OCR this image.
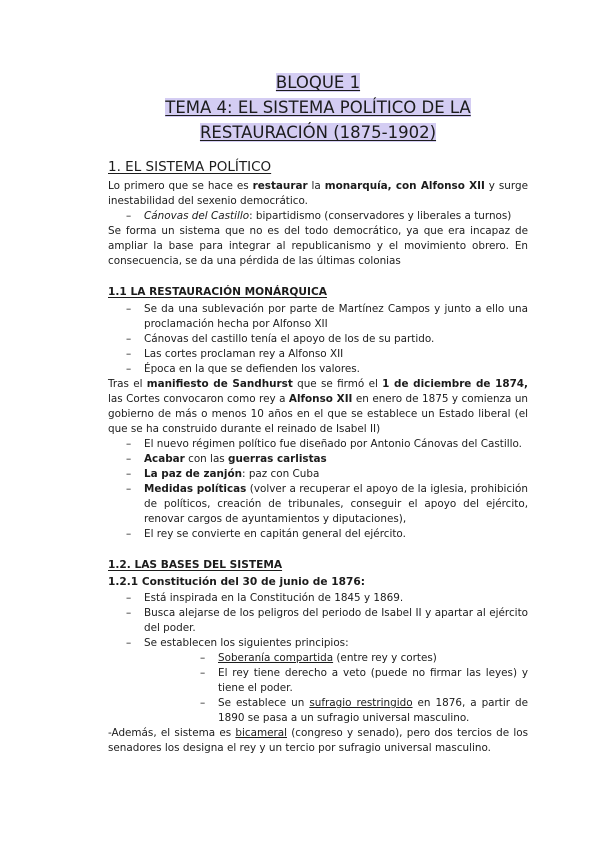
BLOQUE 1
TEMA 4: EL SISTEMA POLÍTICO DE LA
RESTAURACIÓN (1875-1902)
1. EL SISTEMA POLÍTICO

Lo primero que se hace es restaurar la monarquía, con Alfonso XII y surge inestabilidad del sexenio democrático.

– Cánovas del Castillo: bipartidismo (conservadores y liberales a turnos)

Se forma un sistema que no es del todo democrático, ya que era incapaz de ampliar la base para integrar al republicanismo y el movimiento obrero. En consecuencia, se da una pérdida de las últimas colonias

1.1 LA RESTAURACIÓN MONÁRQUICA
– Se da una sublevación por parte de Martínez Campos y junto a ello una proclamación hecha por Alfonso XII
– Cánovas del castillo tenía el apoyo de los de su partido.
– Las cortes proclaman rey a Alfonso XII
– Época en la que se defienden los valores.

Tras el manifiesto de Sandhurst que se firmó el 1 de diciembre de 1874, las Cortes convocaron como rey a Alfonso XII en enero de 1875 y comienza un gobierno de más o menos 10 años en el que se establece un Estado liberal (el que se ha construido durante el reinado de Isabel II)

– El nuevo régimen político fue diseñado por Antonio Cánovas del Castillo.
– Acabar con las guerras carlistas
– La paz de zanjón: paz con Cuba
– Medidas políticas (volver a recuperar el apoyo de la iglesia, prohibición de políticos, creación de tribunales, conseguir el apoyo del ejército, renovar cargos de ayuntamientos y diputaciones),
– El rey se convierte en capitán general del ejército.
1.2. LAS BASES DEL SISTEMA
1.2.1 Constitución del 30 de junio de 1876:
– Está inspirada en la Constitución de 1845 y 1869.
– Busca alejarse de los peligros del periodo de Isabel II y apartar al ejército del poder.
– Se establecen los siguientes principios:
– Soberanía compartida (entre rey y cortes)
– El rey tiene derecho a veto (puede no firmar las leyes) y tiene el poder.
– Se establece un sufragio restringido en 1876, a partir de 1890 se pasa a un sufragio universal masculino.

-Además, el sistema es bicameral (congreso y senado), pero dos tercios de los senadores los designa el rey y un tercio por sufragio universal masculino.
